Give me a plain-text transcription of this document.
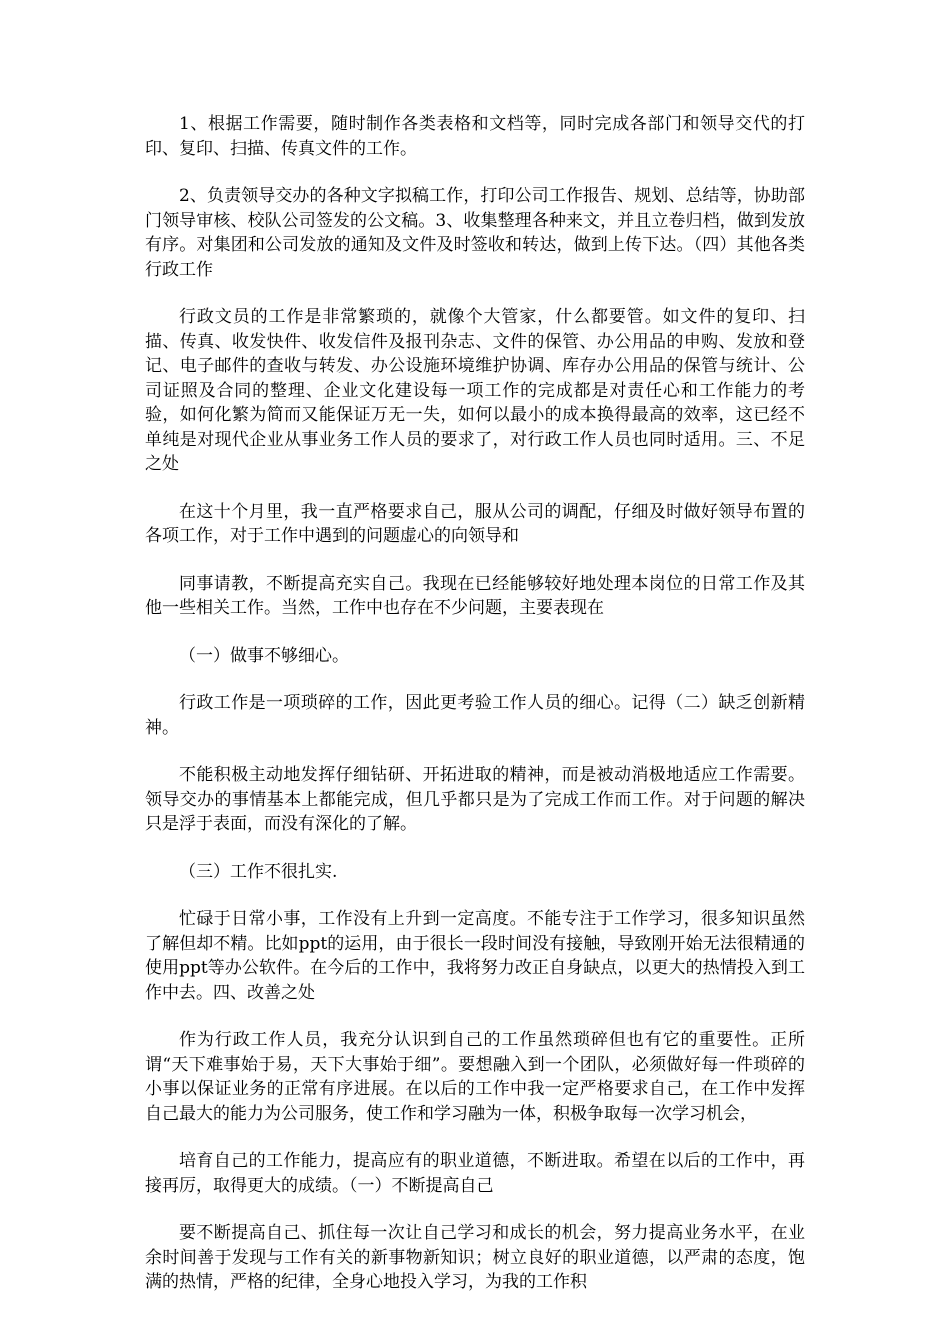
1、根据工作需要，随时制作各类表格和文档等，同时完成各部门和领导交代的打印、复印、扫描、传真文件的工作。

2、负责领导交办的各种文字拟稿工作，打印公司工作报告、规划、总结等，协助部门领导审核、校队公司签发的公文稿。3、收集整理各种来文，并且立卷归档，做到发放有序。对集团和公司发放的通知及文件及时签收和转达，做到上传下达。（四）其他各类行政工作

行政文员的工作是非常繁琐的，就像个大管家，什么都要管。如文件的复印、扫描、传真、收发快件、收发信件及报刊杂志、文件的保管、办公用品的申购、发放和登记、电子邮件的查收与转发、办公设施环境维护协调、库存办公用品的保管与统计、公司证照及合同的整理、企业文化建设每一项工作的完成都是对责任心和工作能力的考验，如何化繁为简而又能保证万无一失，如何以最小的成本换得最高的效率，这已经不单纯是对现代企业从事业务工作人员的要求了，对行政工作人员也同时适用。三、不足之处

在这十个月里，我一直严格要求自己，服从公司的调配，仔细及时做好领导布置的各项工作，对于工作中遇到的问题虚心的向领导和

同事请教，不断提高充实自己。我现在已经能够较好地处理本岗位的日常工作及其他一些相关工作。当然，工作中也存在不少问题，主要表现在

（一）做事不够细心。

行政工作是一项琐碎的工作，因此更考验工作人员的细心。记得（二）缺乏创新精神。

不能积极主动地发挥仔细钻研、开拓进取的精神，而是被动消极地适应工作需要。领导交办的事情基本上都能完成，但几乎都只是为了完成工作而工作。对于问题的解决只是浮于表面，而没有深化的了解。

（三）工作不很扎实.

忙碌于日常小事，工作没有上升到一定高度。不能专注于工作学习，很多知识虽然了解但却不精。比如ppt的运用，由于很长一段时间没有接触，导致刚开始无法很精通的使用ppt等办公软件。在今后的工作中，我将努力改正自身缺点，以更大的热情投入到工作中去。四、改善之处

作为行政工作人员，我充分认识到自己的工作虽然琐碎但也有它的重要性。正所谓“天下难事始于易，天下大事始于细”。要想融入到一个团队，必须做好每一件琐碎的小事以保证业务的正常有序进展。在以后的工作中我一定严格要求自己，在工作中发挥自己最大的能力为公司服务，使工作和学习融为一体，积极争取每一次学习机会，

培育自己的工作能力，提高应有的职业道德，不断进取。希望在以后的工作中，再接再厉，取得更大的成绩。（一）不断提高自己

要不断提高自己、抓住每一次让自己学习和成长的机会，努力提高业务水平，在业余时间善于发现与工作有关的新事物新知识；树立良好的职业道德，以严肃的态度，饱满的热情，严格的纪律，全身心地投入学习，为我的工作积
